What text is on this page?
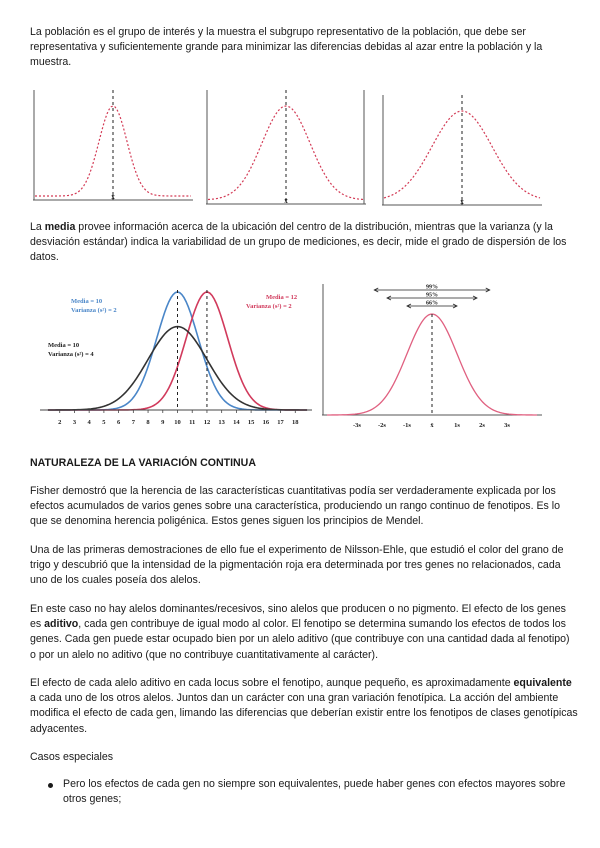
La población es el grupo de interés y la muestra el subgrupo representativo de la población, que debe ser representativa y suficientemente grande para minimizar las diferencias debidas al azar entre la población y la muestra.

x̄	x̄	x̄

La media provee información acerca de la ubicación del centro de la distribución, mientras que la varianza (y la desviación estándar) indica la variabilidad de un grupo de mediciones, es decir, mide el grado de dispersión de los datos.

2 3 4 5 6 7 8 9 10 11 12 13 14 15 16 17 18
Media = 10
Varianza (s²) = 2
Media = 12
Varianza (s²) = 2
Media = 10
Varianza (s²) = 4
99%
95%
66%
-3s	-2s	-1s	x̄	1s	2s	3s

NATURALEZA DE LA VARIACIÓN CONTINUA

Fisher demostró que la herencia de las características cuantitativas podía ser verdaderamente explicada por los efectos acumulados de varios genes sobre una característica, produciendo un rango continuo de fenotipos. Es lo que se denomina herencia poligénica. Estos genes siguen los principios de Mendel.

Una de las primeras demostraciones de ello fue el experimento de Nilsson-Ehle, que estudió el color del grano de trigo y descubrió que la intensidad de la pigmentación roja era determinada por tres genes no relacionados, cada uno de los cuales poseía dos alelos.

En este caso no hay alelos dominantes/recesivos, sino alelos que producen o no pigmento. El efecto de los genes es aditivo, cada gen contribuye de igual modo al color. El fenotipo se determina sumando los efectos de todos los genes. Cada gen puede estar ocupado bien por un alelo aditivo (que contribuye con una cantidad dada al fenotipo) o por un alelo no aditivo (que no contribuye cuantitativamente al carácter).

El efecto de cada alelo aditivo en cada locus sobre el fenotipo, aunque pequeño, es aproximadamente equivalente a cada uno de los otros alelos. Juntos dan un carácter con una gran variación fenotípica. La acción del ambiente modifica el efecto de cada gen, limando las diferencias que deberían existir entre los fenotipos de clases genotípicas adyacentes.

Casos especiales

Pero los efectos de cada gen no siempre son equivalentes, puede haber genes con efectos mayores sobre otros genes;
